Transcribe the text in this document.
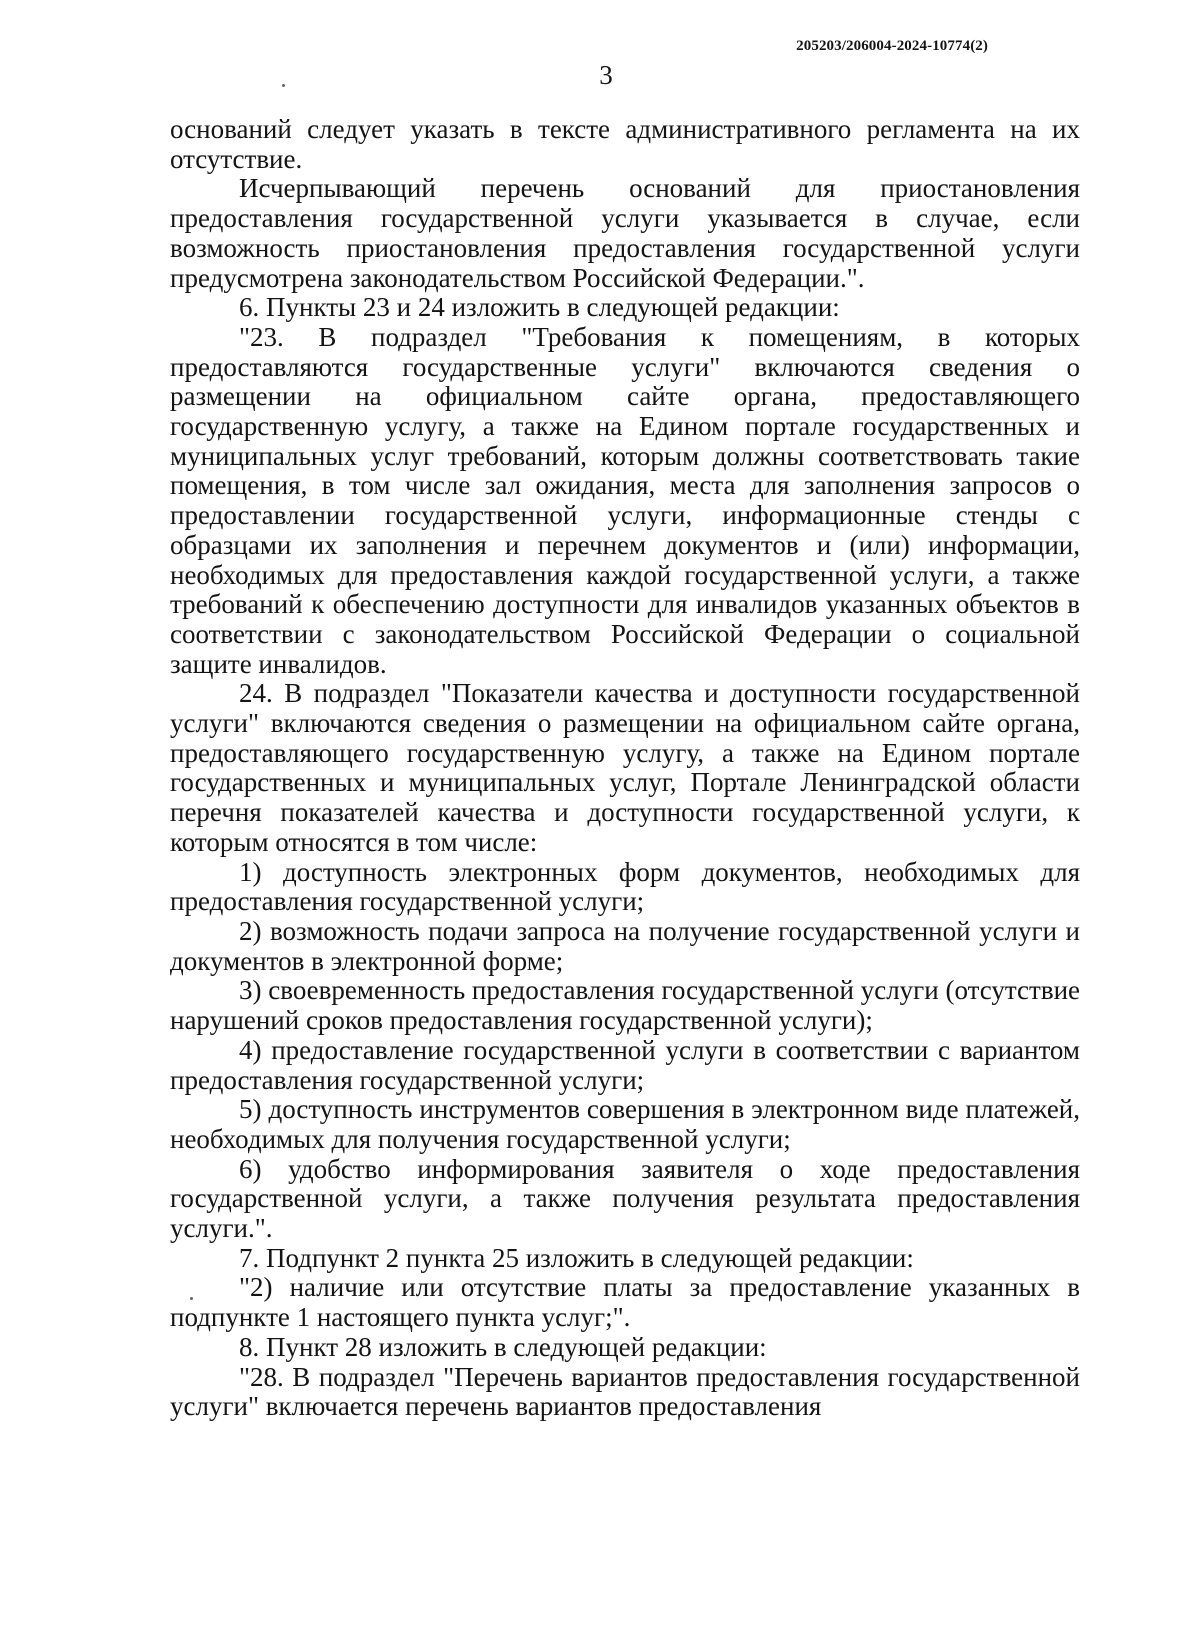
205203/206004-2024-10774(2)
3

оснований следует указать в тексте административного регламента на их отсутствие.

Исчерпывающий перечень оснований для приостановления предоставления государственной услуги указывается в случае, если возможность приостановления предоставления государственной услуги предусмотрена законодательством Российской Федерации.".

6. Пункты 23 и 24 изложить в следующей редакции:

"23. В подраздел "Требования к помещениям, в которых предоставляются государственные услуги" включаются сведения о размещении на официальном сайте органа, предоставляющего государственную услугу, а также на Едином портале государственных и муниципальных услуг требований, которым должны соответствовать такие помещения, в том числе зал ожидания, места для заполнения запросов о предоставлении государственной услуги, информационные стенды с образцами их заполнения и перечнем документов и (или) информации, необходимых для предоставления каждой государственной услуги, а также требований к обеспечению доступности для инвалидов указанных объектов в соответствии с законодательством Российской Федерации о социальной защите инвалидов.

24. В подраздел "Показатели качества и доступности государственной услуги" включаются сведения о размещении на официальном сайте органа, предоставляющего государственную услугу, а также на Едином портале государственных и муниципальных услуг, Портале Ленинградской области перечня показателей качества и доступности государственной услуги, к которым относятся в том числе:

1) доступность электронных форм документов, необходимых для предоставления государственной услуги;

2) возможность подачи запроса на получение государственной услуги и документов в электронной форме;

3) своевременность предоставления государственной услуги (отсутствие нарушений сроков предоставления государственной услуги);

4) предоставление государственной услуги в соответствии с вариантом предоставления государственной услуги;

5) доступность инструментов совершения в электронном виде платежей, необходимых для получения государственной услуги;

6) удобство информирования заявителя о ходе предоставления государственной услуги, а также получения результата предоставления услуги.".

7. Подпункт 2 пункта 25 изложить в следующей редакции:

"2) наличие или отсутствие платы за предоставление указанных в подпункте 1 настоящего пункта услуг;".

8. Пункт 28 изложить в следующей редакции:

"28. В подраздел "Перечень вариантов предоставления государственной услуги" включается перечень вариантов предоставления
